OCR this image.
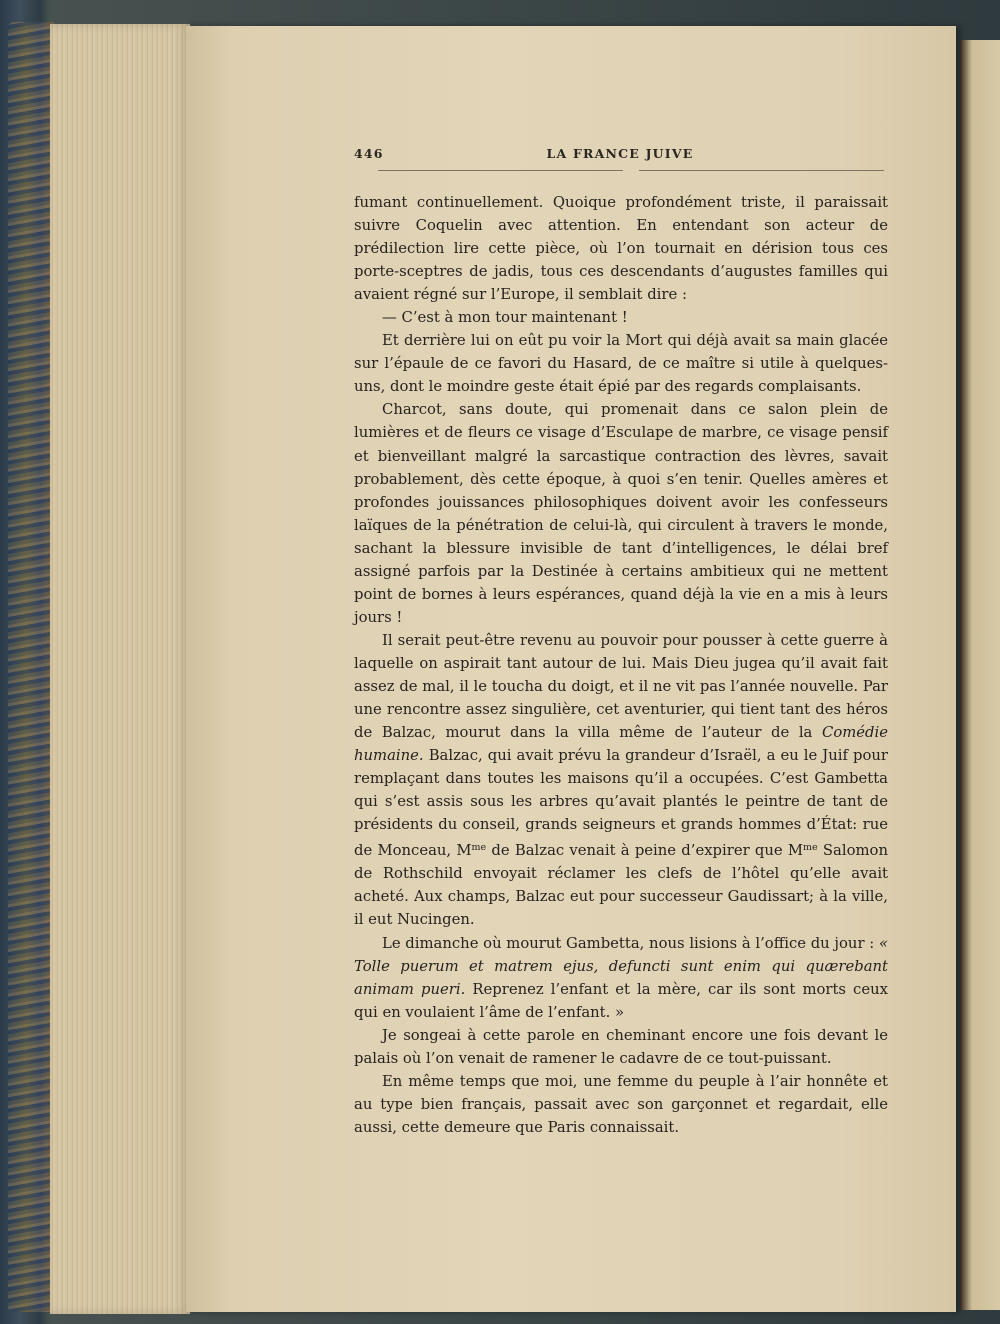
446	LA FRANCE JUIVE

fumant continuellement. Quoique profondément triste, il paraissait suivre Coquelin avec attention. En entendant son acteur de prédilection lire cette pièce, où l’on tournait en dérision tous ces porte-sceptres de jadis, tous ces descendants d’augustes familles qui avaient régné sur l’Europe, il semblait dire :

— C’est à mon tour maintenant !

Et derrière lui on eût pu voir la Mort qui déjà avait sa main glacée sur l’épaule de ce favori du Hasard, de ce maître si utile à quelques-uns, dont le moindre geste était épié par des regards complaisants.

Charcot, sans doute, qui promenait dans ce salon plein de lumières et de fleurs ce visage d’Esculape de marbre, ce visage pensif et bienveillant malgré la sarcastique contraction des lèvres, savait probablement, dès cette époque, à quoi s’en tenir. Quelles amères et profondes jouissances philosophiques doivent avoir les confesseurs laïques de la pénétration de celui-là, qui circulent à travers le monde, sachant la blessure invisible de tant d’intelligences, le délai bref assigné parfois par la Destinée à certains ambitieux qui ne mettent point de bornes à leurs espérances, quand déjà la vie en a mis à leurs jours !

Il serait peut-être revenu au pouvoir pour pousser à cette guerre à laquelle on aspirait tant autour de lui. Mais Dieu jugea qu’il avait fait assez de mal, il le toucha du doigt, et il ne vit pas l’année nouvelle. Par une rencontre assez singulière, cet aventurier, qui tient tant des héros de Balzac, mourut dans la villa même de l’auteur de la Comédie humaine. Balzac, qui avait prévu la grandeur d’Israël, a eu le Juif pour remplaçant dans toutes les maisons qu’il a occupées. C’est Gambetta qui s’est assis sous les arbres qu’avait plantés le peintre de tant de présidents du conseil, grands seigneurs et grands hommes d’État: rue de Monceau, $M^{me}$ de Balzac venait à peine d’expirer que $M^{me}$ Salomon de Rothschild envoyait réclamer les clefs de l’hôtel qu’elle avait acheté. Aux champs, Balzac eut pour successeur Gaudissart; à la ville, il eut Nucingen.

Le dimanche où mourut Gambetta, nous lisions à l’office du jour : « Tolle puerum et matrem ejus, defuncti sunt enim qui quærebant animam pueri. Reprenez l’enfant et la mère, car ils sont morts ceux qui en voulaient l’âme de l’enfant. »

Je songeai à cette parole en cheminant encore une fois devant le palais où l’on venait de ramener le cadavre de ce tout-puissant.

En même temps que moi, une femme du peuple à l’air honnête et au type bien français, passait avec son garçonnet et regardait, elle aussi, cette demeure que Paris connaissait.
